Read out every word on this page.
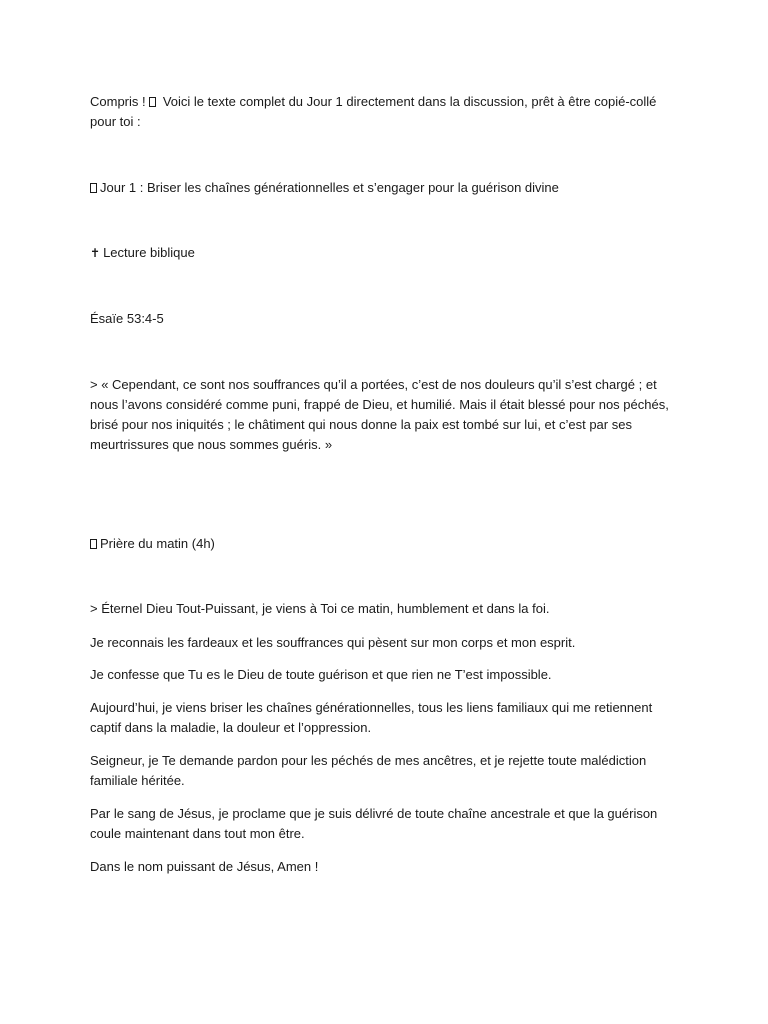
Compris !  Voici le texte complet du Jour 1 directement dans la discussion, prêt à être copié-collé pour toi :

Jour 1 : Briser les chaînes générationnelles et s’engager pour la guérison divine

✝ Lecture biblique

Ésaïe 53:4-5

> « Cependant, ce sont nos souffrances qu’il a portées, c’est de nos douleurs qu’il s’est chargé ; et nous l’avons considéré comme puni, frappé de Dieu, et humilié. Mais il était blessé pour nos péchés, brisé pour nos iniquités ; le châtiment qui nous donne la paix est tombé sur lui, et c’est par ses meurtrissures que nous sommes guéris. »

Prière du matin (4h)

> Éternel Dieu Tout-Puissant, je viens à Toi ce matin, humblement et dans la foi.

Je reconnais les fardeaux et les souffrances qui pèsent sur mon corps et mon esprit.

Je confesse que Tu es le Dieu de toute guérison et que rien ne T’est impossible.

Aujourd’hui, je viens briser les chaînes générationnelles, tous les liens familiaux qui me retiennent captif dans la maladie, la douleur et l’oppression.

Seigneur, je Te demande pardon pour les péchés de mes ancêtres, et je rejette toute malédiction familiale héritée.

Par le sang de Jésus, je proclame que je suis délivré de toute chaîne ancestrale et que la guérison coule maintenant dans tout mon être.

Dans le nom puissant de Jésus, Amen !
